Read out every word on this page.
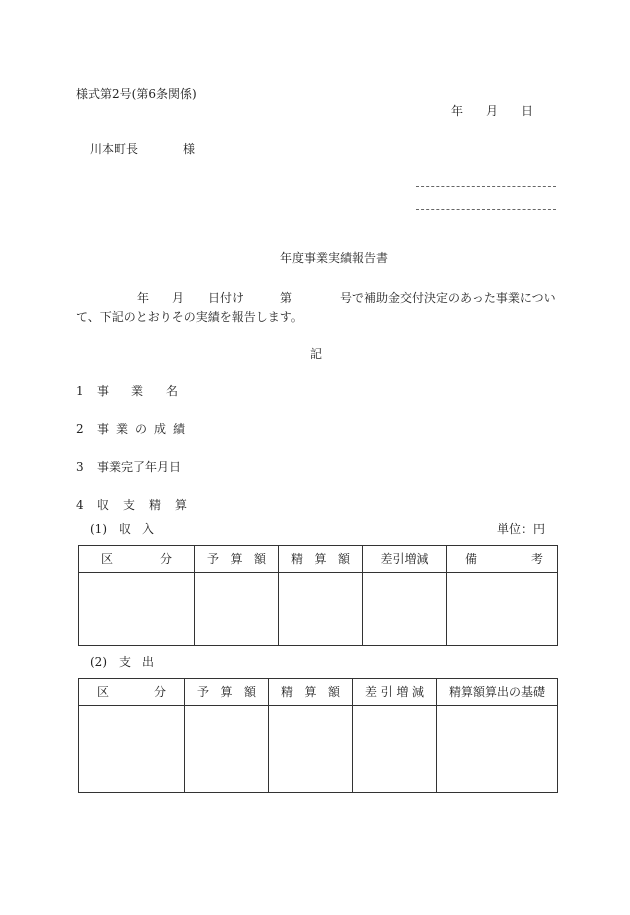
様式第2号(第6条関係)
年 月 日
川本町長	様
年度事業実績報告書
年 月 日付け	第	号で補助金交付決定のあった事業につい
て、下記のとおりその実績を報告します。
記
1 事 業 名
2 事 業 の 成 績
3 事業完了年月日
4 収 支 精 算
(1) 収 入	単位：円
区 分	予 算 額	精 算 額	差引増減	備 考

(2) 支 出
区 分	予 算 額	精 算 額	差 引 増 減	精算額算出の基礎
